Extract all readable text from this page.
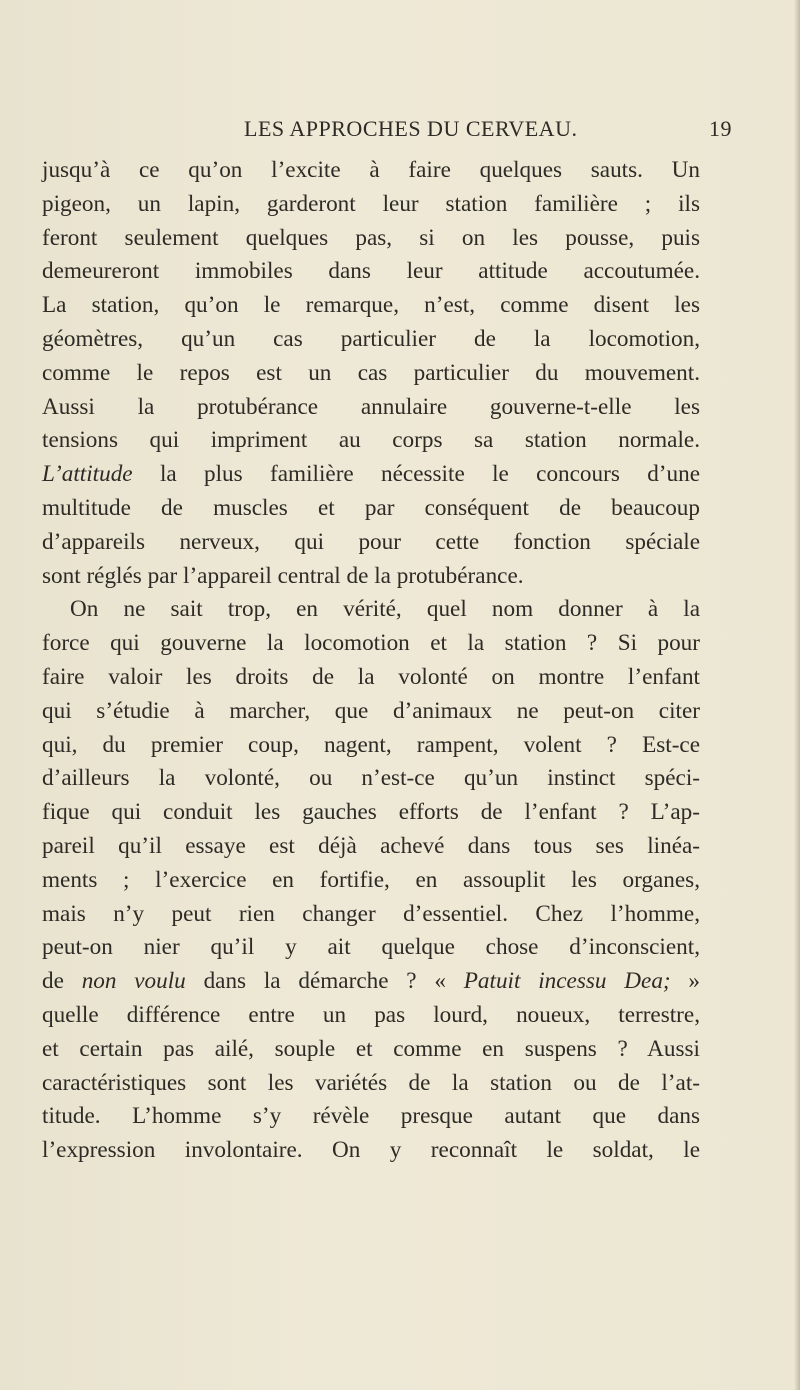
LES APPROCHES DU CERVEAU.	19
jusqu’à ce qu’on l’excite à faire quelques sauts. Un
pigeon, un lapin, garderont leur station familière ; ils
feront seulement quelques pas, si on les pousse, puis
demeureront immobiles dans leur attitude accoutumée.
La station, qu’on le remarque, n’est, comme disent les
géomètres, qu’un cas particulier de la locomotion,
comme le repos est un cas particulier du mouvement.
Aussi la protubérance annulaire gouverne-t-elle les
tensions qui impriment au corps sa station normale.
L’attitude la plus familière nécessite le concours d’une
multitude de muscles et par conséquent de beaucoup
d’appareils nerveux, qui pour cette fonction spéciale
sont réglés par l’appareil central de la protubérance.
On ne sait trop, en vérité, quel nom donner à la
force qui gouverne la locomotion et la station ? Si pour
faire valoir les droits de la volonté on montre l’enfant
qui s’étudie à marcher, que d’animaux ne peut-on citer
qui, du premier coup, nagent, rampent, volent ? Est-ce
d’ailleurs la volonté, ou n’est-ce qu’un instinct spéci-
fique qui conduit les gauches efforts de l’enfant ? L’ap-
pareil qu’il essaye est déjà achevé dans tous ses linéa-
ments ; l’exercice en fortifie, en assouplit les organes,
mais n’y peut rien changer d’essentiel. Chez l’homme,
peut-on nier qu’il y ait quelque chose d’inconscient,
de non voulu dans la démarche ? « Patuit incessu Dea; »
quelle différence entre un pas lourd, noueux, terrestre,
et certain pas ailé, souple et comme en suspens ? Aussi
caractéristiques sont les variétés de la station ou de l’at-
titude. L’homme s’y révèle presque autant que dans
l’expression involontaire. On y reconnaît le soldat, le
